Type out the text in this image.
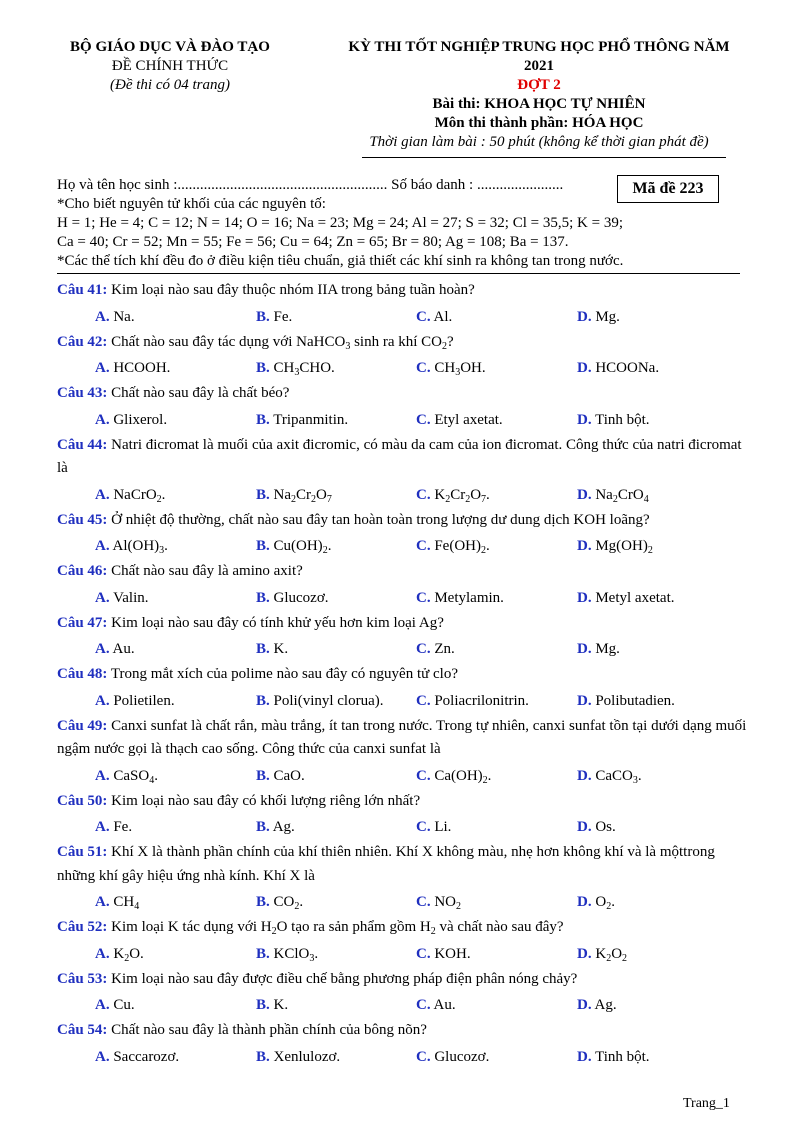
BỘ GIÁO DỤC VÀ ĐÀO TẠO
ĐỀ CHÍNH THỨC
(Đề thi có 04 trang)
KỲ THI TỐT NGHIỆP TRUNG HỌC PHỔ THÔNG NĂM
2021
ĐỢT 2
Bài thi: KHOA HỌC TỰ NHIÊN
Môn thi thành phần: HÓA HỌC
Thời gian làm bài : 50 phút (không kể thời gian phát đề)
Họ và tên học sinh :........................................................ Số báo danh : .......................
*Cho biết nguyên tử khối của các nguyên tố:
H = 1; He = 4; C = 12; N = 14; O = 16; Na = 23; Mg = 24; Al = 27; S = 32; Cl = 35,5; K = 39;
Ca = 40; Cr = 52; Mn = 55; Fe = 56; Cu = 64; Zn = 65; Br = 80; Ag = 108; Ba = 137.
*Các thể tích khí đều đo ở điều kiện tiêu chuẩn, giả thiết các khí sinh ra không tan trong nước.
Mã đề 223
Câu 41: Kim loại nào sau đây thuộc nhóm IIA trong bảng tuần hoàn?
A. Na.	B. Fe.	C. Al.	D. Mg.
Câu 42: Chất nào sau đây tác dụng với NaHCO$_3$ sinh ra khí $CO_2$?
A. HCOOH.	B. $CH_3CHO$.	C. $CH_3OH$.	D. HCOONa.
Câu 43: Chất nào sau đây là chất béo?
A. Glixerol.	B. Tripanmitin.	C. Etyl axetat.	D. Tinh bột.
Câu 44: Natri đicromat là muối của axit đicromic, có màu da cam của ion đicromat. Công thức của natri đicromat là
A. NaCrO$_2$.	B. $Na_2Cr_2O_7$	C. $K_2Cr_2O_7$.	D. $Na_2CrO_4$
Câu 45: Ở nhiệt độ thường, chất nào sau đây tan hoàn toàn trong lượng dư dung dịch KOH loãng?
A. $Al(OH)_3$.	B. $Cu(OH)_2$.	C. $Fe(OH)_2$.	D. $Mg(OH)_2$
Câu 46: Chất nào sau đây là amino axit?
A. Valin.	B. Glucozơ.	C. Metylamin.	D. Metyl axetat.
Câu 47: Kim loại nào sau đây có tính khử yếu hơn kim loại Ag?
A. Au.	B. K.	C. Zn.	D. Mg.
Câu 48: Trong mắt xích của polime nào sau đây có nguyên tử clo?
A. Polietilen.	B. Poli(vinyl clorua). C. Poliacrilonitrin.	D. Polibutadien.
Câu 49: Canxi sunfat là chất rắn, màu trắng, ít tan trong nước. Trong tự nhiên, canxi sunfat tồn tại dưới dạng muối ngậm nước gọi là thạch cao sống. Công thức của canxi sunfat là
A. CaSO$_4$.	B. CaO.	C. $Ca(OH)_2$.	D. CaCO$_3$.
Câu 50: Kim loại nào sau đây có khối lượng riêng lớn nhất?
A. Fe.	B. Ag.	C. Li.	D. Os.
Câu 51: Khí X là thành phần chính của khí thiên nhiên. Khí X không màu, nhẹ hơn không khí và là mộttrong những khí gây hiệu ứng nhà kính. Khí X là
A. $CH_4$	B. $CO_2$.	C. $NO_2$	D. $O_2$.
Câu 52: Kim loại K tác dụng với $H_2O$ tạo ra sản phẩm gồm $H_2$ và chất nào sau đây?
A. $K_2O$.	B. KClO$_3$.	C. KOH.	D. $K_2O_2$
Câu 53: Kim loại nào sau đây được điều chế bằng phương pháp điện phân nóng chảy?
A. Cu.	B. K.	C. Au.	D. Ag.
Câu 54: Chất nào sau đây là thành phần chính của bông nõn?
A. Saccarozơ.	B. Xenlulozơ.	C. Glucozơ.	D. Tinh bột.
Trang_1
